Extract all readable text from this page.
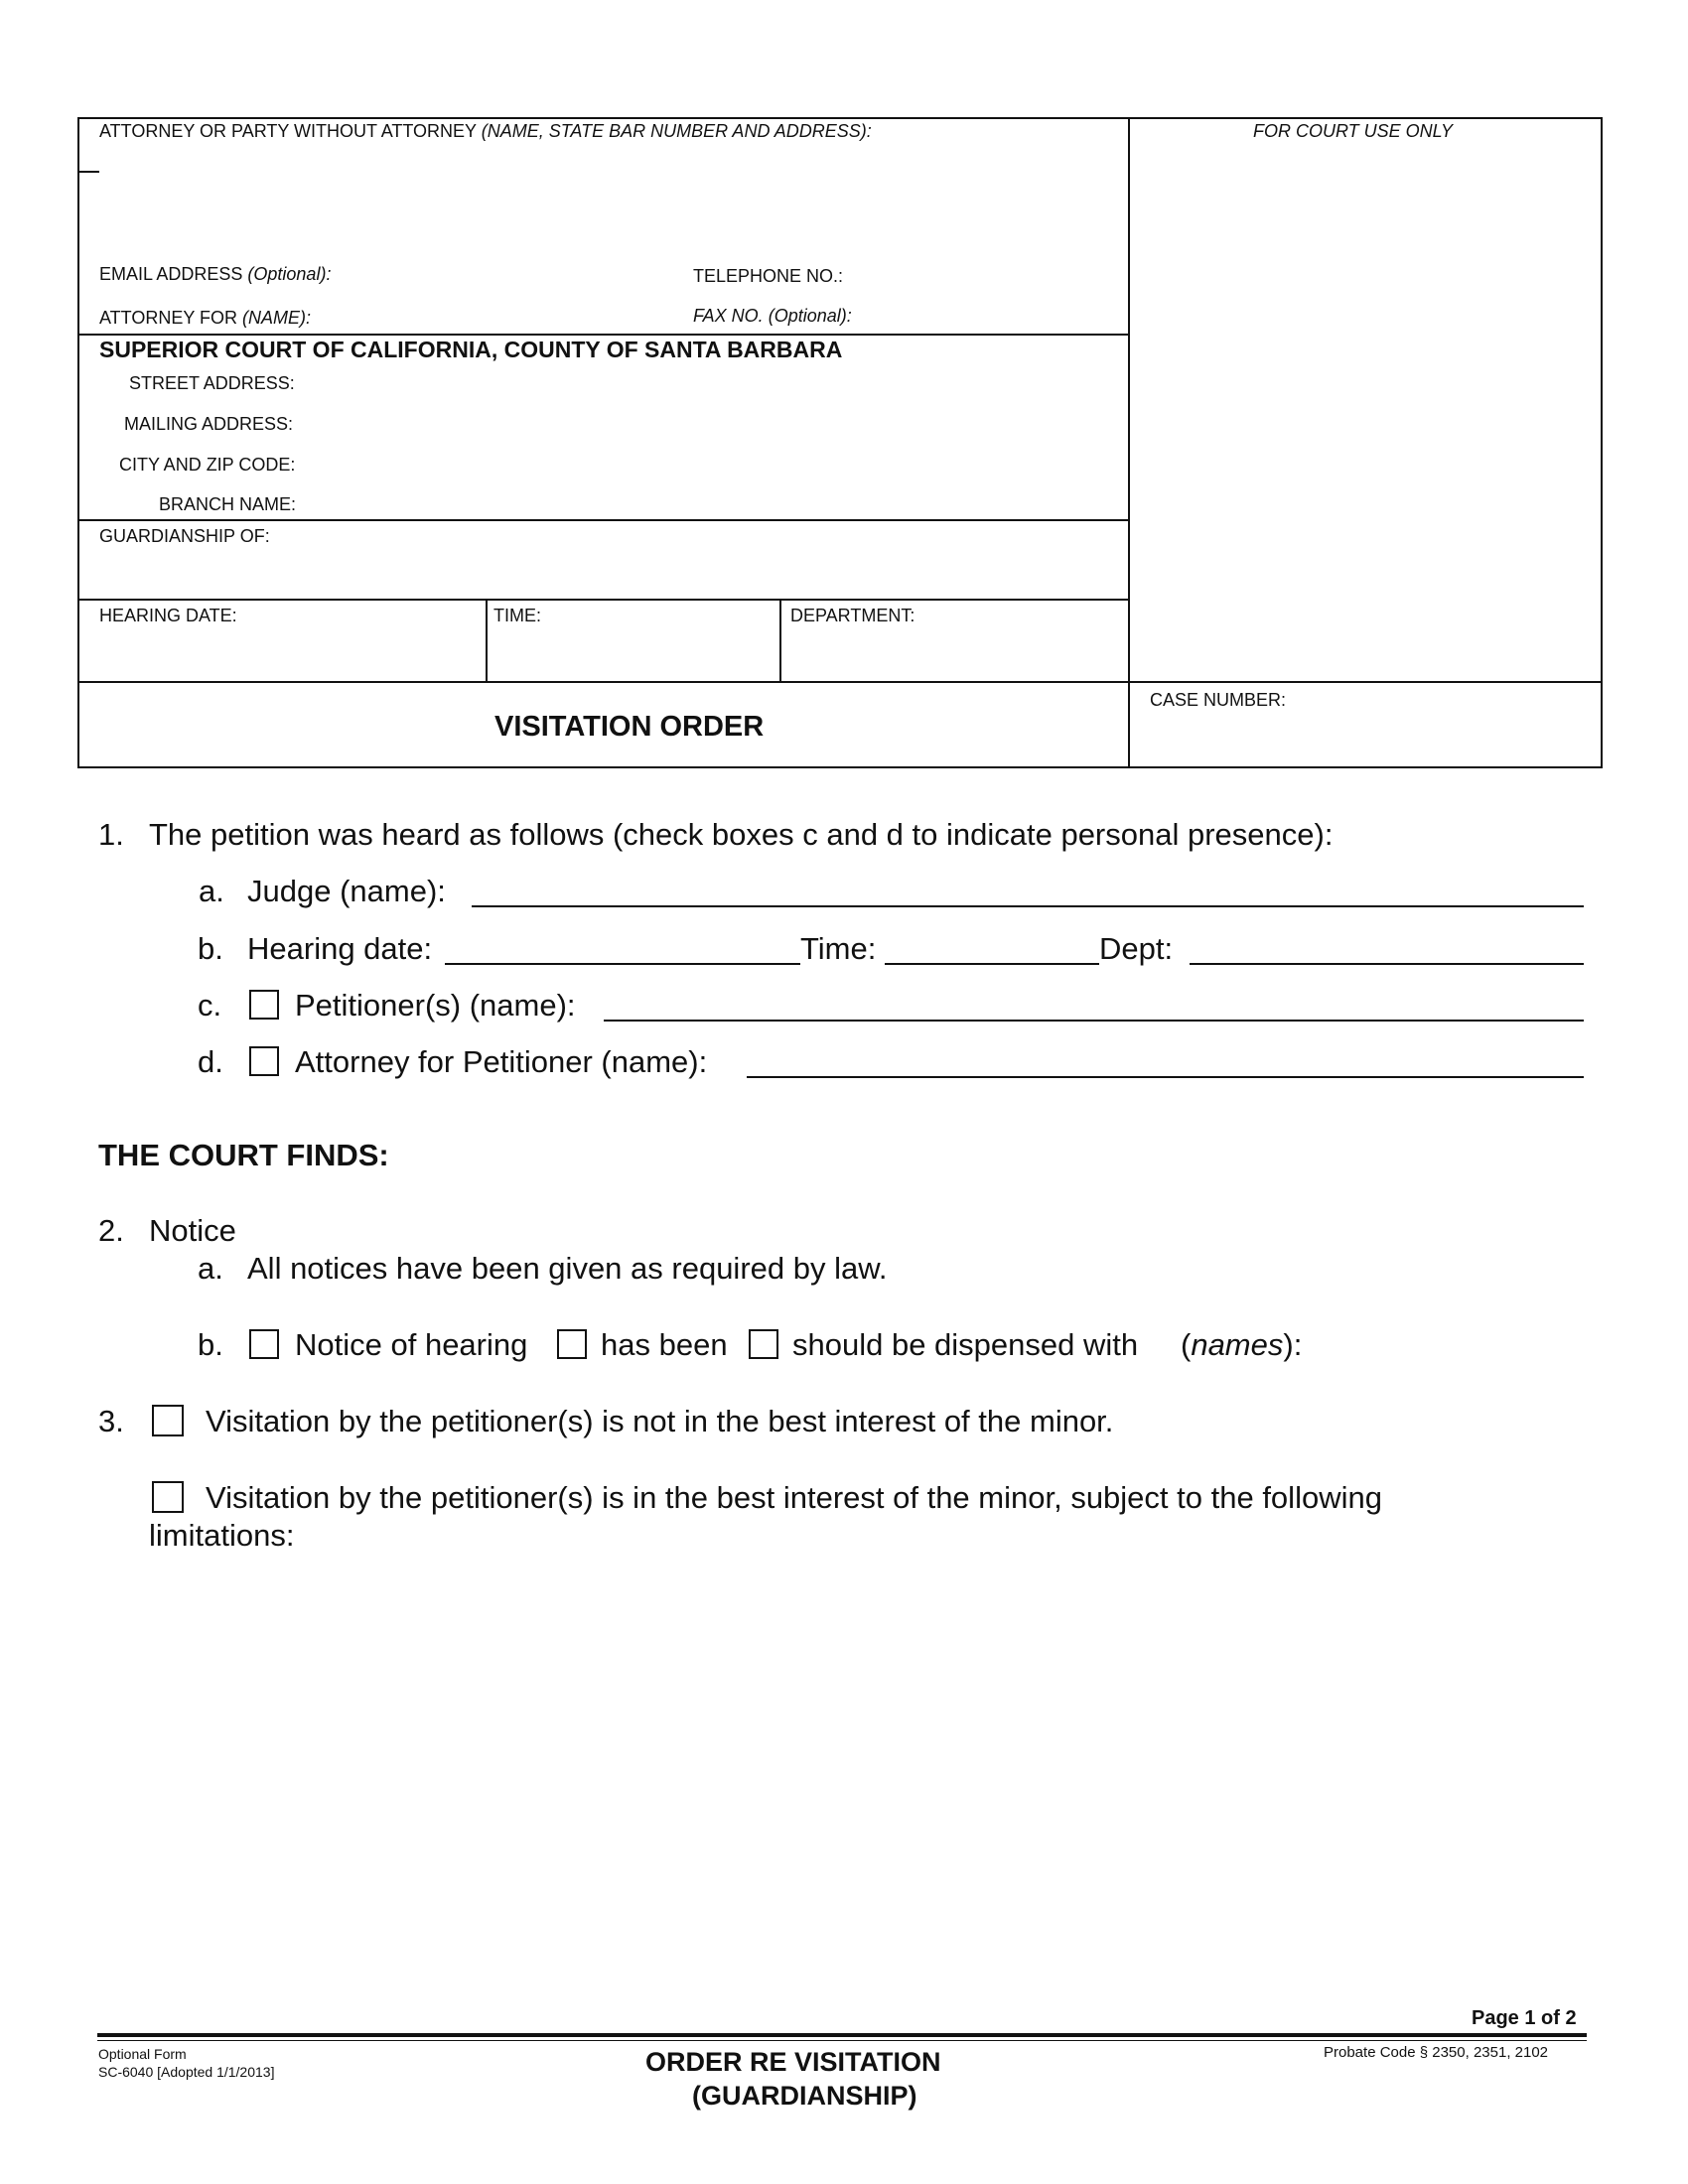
ATTORNEY OR PARTY WITHOUT ATTORNEY (NAME, STATE BAR NUMBER AND ADDRESS):	FOR COURT USE ONLY
EMAIL ADDRESS (Optional):	TELEPHONE NO.:
ATTORNEY FOR (NAME):	FAX NO. (Optional):
SUPERIOR COURT OF CALIFORNIA, COUNTY OF SANTA BARBARA
STREET ADDRESS:
MAILING ADDRESS:
CITY AND ZIP CODE:
BRANCH NAME:
GUARDIANSHIP OF:
HEARING DATE:	TIME:	DEPARTMENT:
VISITATION ORDER
CASE NUMBER:
1. The petition was heard as follows (check boxes c and d to indicate personal presence):
a. Judge (name):
b. Hearing date:	Time:	Dept:
c. Petitioner(s) (name):
d. Attorney for Petitioner (name):
THE COURT FINDS:
2. Notice
a. All notices have been given as required by law.
b. Notice of hearing has been should be dispensed with (names):
3.	Visitation by the petitioner(s) is not in the best interest of the minor.
Visitation by the petitioner(s) is in the best interest of the minor, subject to the following
limitations:
Page 1 of 2
Optional Form
SC-6040 [Adopted 1/1/2013]	ORDER RE VISITATION
(GUARDIANSHIP)
Probate Code § 2350, 2351, 2102
